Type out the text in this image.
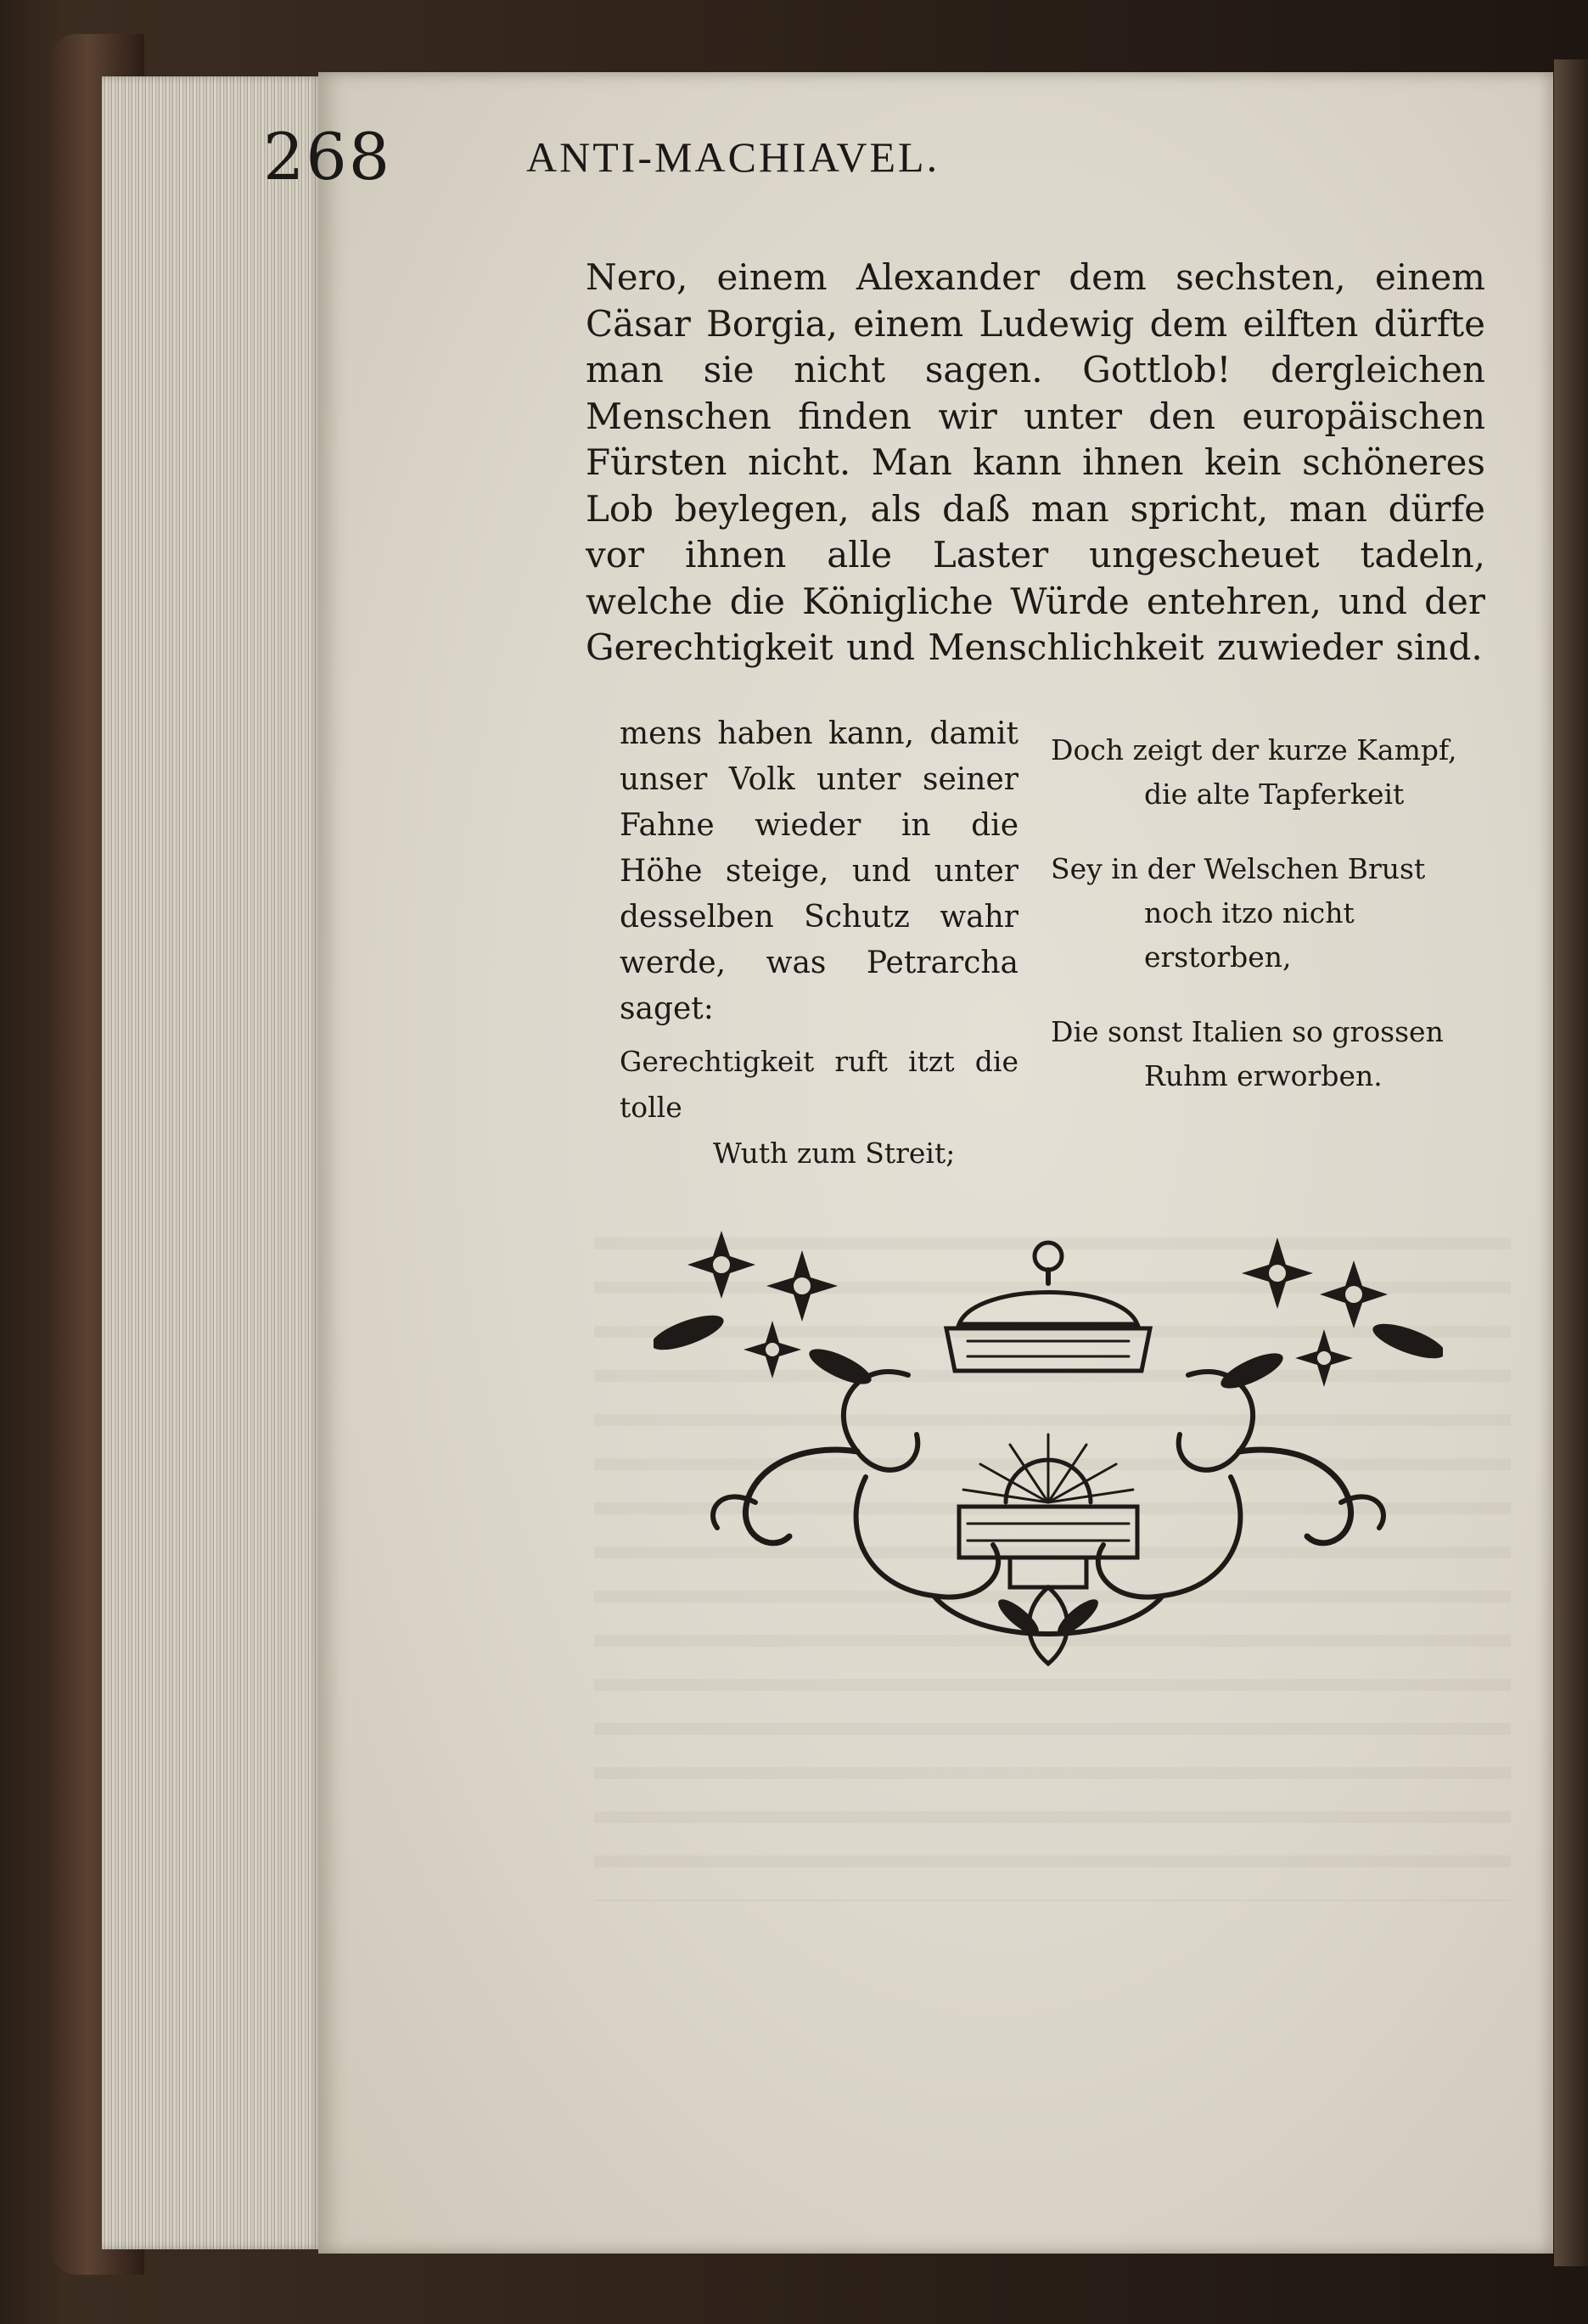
268	ANTI-MACHIAVEL.
Nero, einem Alexander dem sechsten, einem Cäsar Borgia, einem Ludewig dem eilften dürfte man sie nicht sagen. Gottlob! dergleichen Menschen finden wir unter den europäischen Fürsten nicht. Man kann ihnen kein schöneres Lob beylegen, als daß man spricht, man dürfe vor ihnen alle Laster ungescheuet tadeln, welche die Königliche Würde entehren, und der Gerechtigkeit und Menschlichkeit zuwieder sind.
mens haben kann, damit unser Volk unter seiner Fahne wieder in die Höhe steige, und unter desselben Schutz wahr werde, was Petrarcha saget:
Gerechtigkeit ruft itzt die tolle
Wuth zum Streit;
Doch zeigt der kurze Kampf,
die alte Tapferkeit
Sey in der Welschen Brust
noch itzo nicht erstorben,
Die sonst Italien so grossen
Ruhm erworben.
